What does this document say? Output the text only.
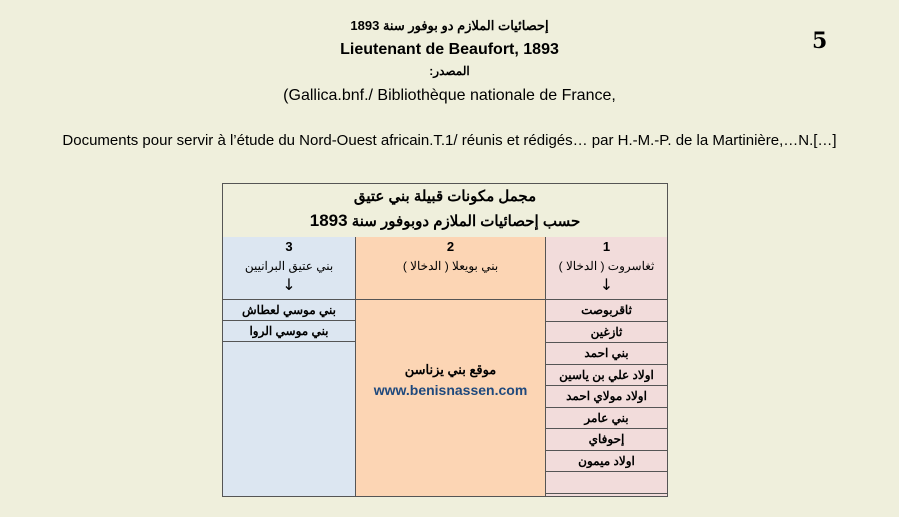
إحصائيات الملازم دو بوفور سنة 1893
Lieutenant de Beaufort, 1893
المصدر:
(Gallica.bnf./ Bibliothèque nationale de France,
Documents pour servir à l’étude du Nord-Ouest africain.T.1/ réunis et rédigés… par H.-M.-P. de la Martinière,…N.[…]
5
مجمل مكونات قبيلة بني عتيق
حسب إحصائيات الملازم دوبوفور سنة 1893
3
بني عتيق البرانيين
↓
بني موسي لعطاش
بني موسي الروا
2
بني بويعلا ( الدخالا )
موقع بني يزناسن
www.benisnassen.com
1
ثغاسروت ( الدخالا )
↓
ثاقربوصت
ثازغين
بني احمد
اولاد علي بن ياسين
اولاد مولاي احمد
بني عامر
إحوفاي
اولاد ميمون
